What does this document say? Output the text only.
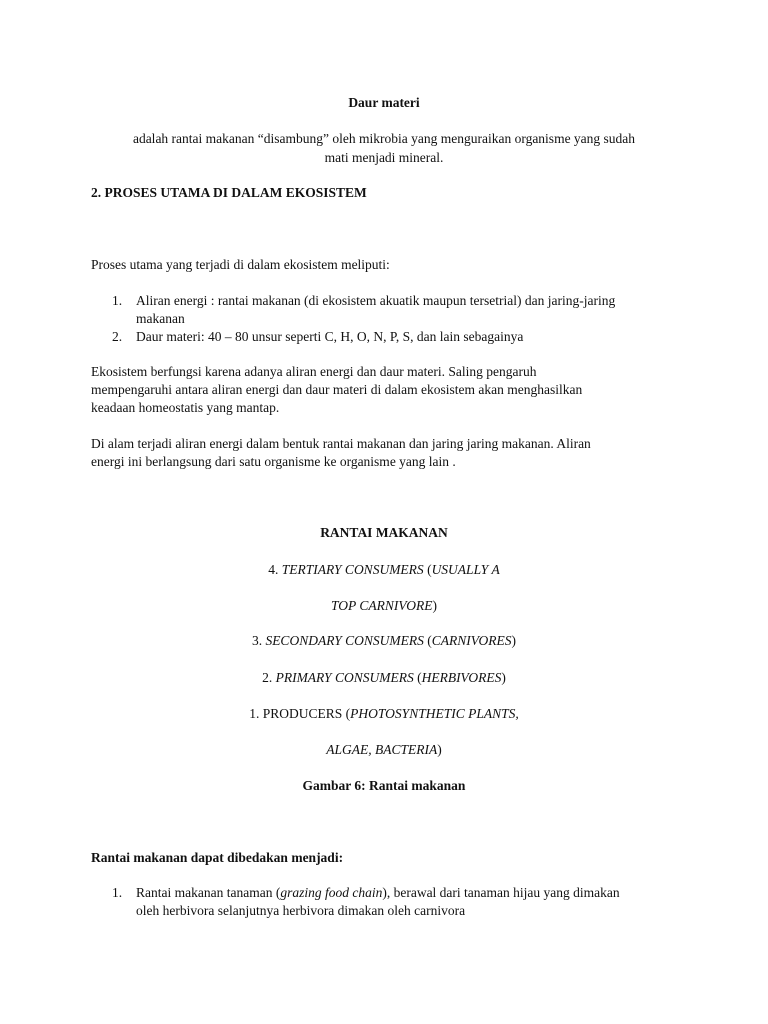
Daur materi

adalah rantai makanan “disambung” oleh mikrobia yang menguraikan organisme yang sudah

mati menjadi mineral.

2. PROSES UTAMA DI DALAM EKOSISTEM

Proses utama yang terjadi di dalam ekosistem meliputi:

1. Aliran energi : rantai makanan (di ekosistem akuatik maupun tersetrial) dan jaring-jaring
makanan
2. Daur materi: 40 – 80 unsur seperti C, H, O, N, P, S, dan lain sebagainya

Ekosistem berfungsi karena adanya aliran energi dan daur materi. Saling pengaruh

mempengaruhi antara aliran energi dan daur materi di dalam ekosistem akan menghasilkan

keadaan homeostatis yang mantap.

Di alam terjadi aliran energi dalam bentuk rantai makanan dan jaring jaring makanan. Aliran

energi ini berlangsung dari satu organisme ke organisme yang lain .

RANTAI MAKANAN

4. TERTIARY CONSUMERS (USUALLY A

TOP CARNIVORE)

3. SECONDARY CONSUMERS (CARNIVORES)

2. PRIMARY CONSUMERS (HERBIVORES)

1. PRODUCERS (PHOTOSYNTHETIC PLANTS,

ALGAE, BACTERIA)

Gambar 6: Rantai makanan

Rantai makanan dapat dibedakan menjadi:

1. Rantai makanan tanaman (grazing food chain), berawal dari tanaman hijau yang dimakan
oleh herbivora selanjutnya herbivora dimakan oleh carnivora
